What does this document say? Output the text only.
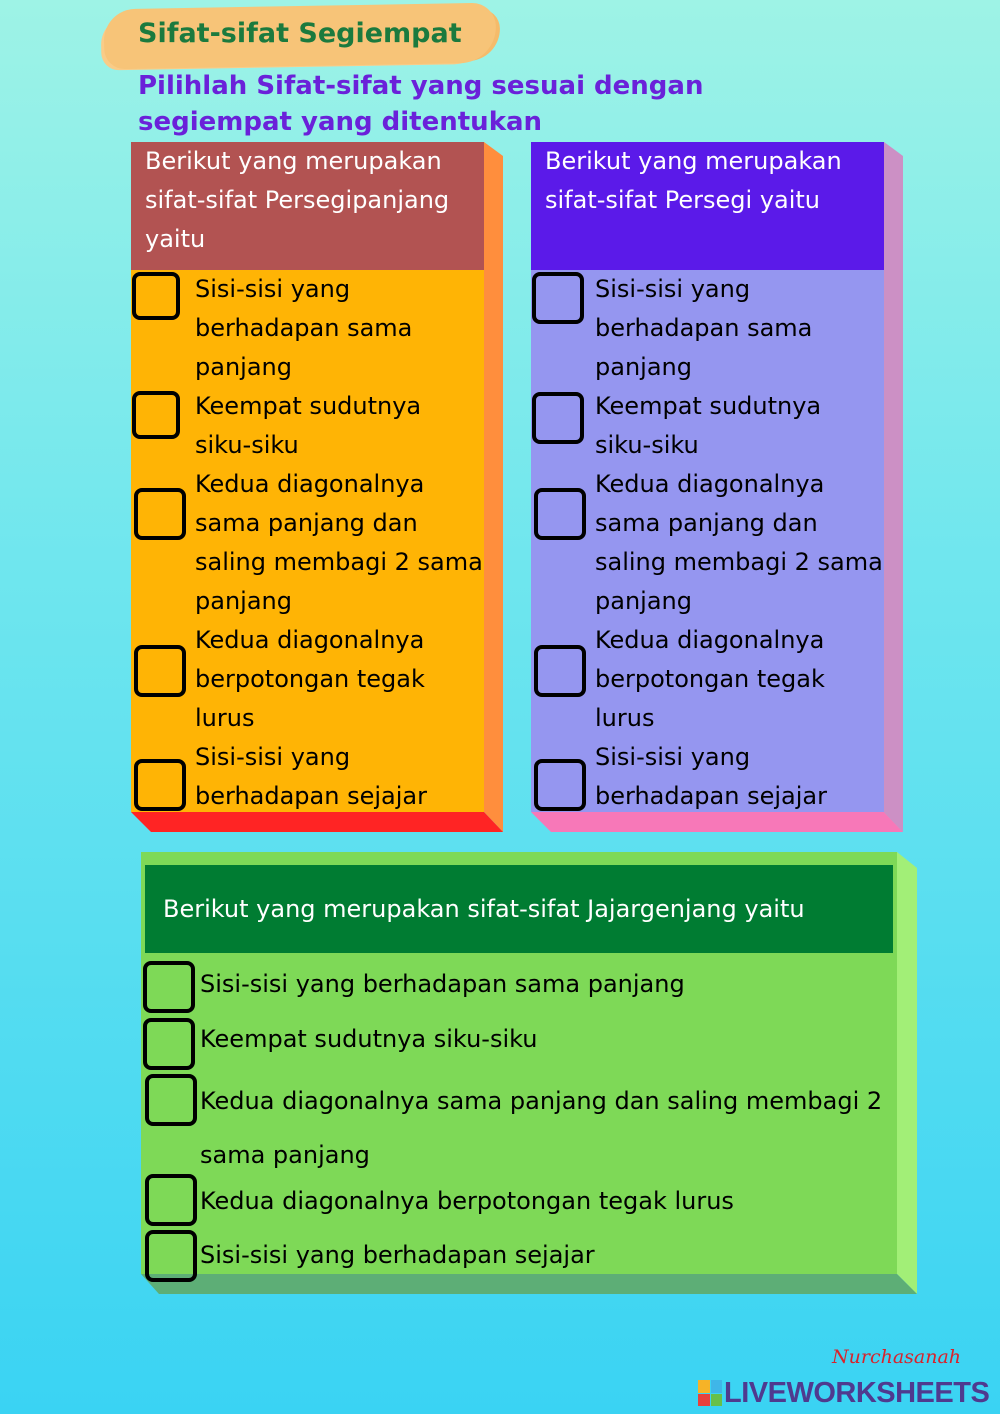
Sifat-sifat Segiempat

Pilihlah Sifat-sifat yang sesuai dengan segiempat yang ditentukan

Berikut yang merupakan sifat-sifat Persegipanjang yaitu
Sisi-sisi yang berhadapan sama panjang
Keempat sudutnya siku-siku
Kedua diagonalnya sama panjang dan saling membagi 2 sama panjang
Kedua diagonalnya berpotongan tegak lurus
Sisi-sisi yang berhadapan sejajar
Berikut yang merupakan sifat-sifat Persegi yaitu
Sisi-sisi yang berhadapan sama panjang
Keempat sudutnya siku-siku
Kedua diagonalnya sama panjang dan saling membagi 2 sama panjang
Kedua diagonalnya berpotongan tegak lurus
Sisi-sisi yang berhadapan sejajar
Berikut yang merupakan sifat-sifat Jajargenjang yaitu
Sisi-sisi yang berhadapan sama panjang
Keempat sudutnya siku-siku
Kedua diagonalnya sama panjang dan saling membagi 2 sama panjang
Kedua diagonalnya berpotongan tegak lurus
Sisi-sisi yang berhadapan sejajar

Nurchasanah

LIVEWORKSHEETS
